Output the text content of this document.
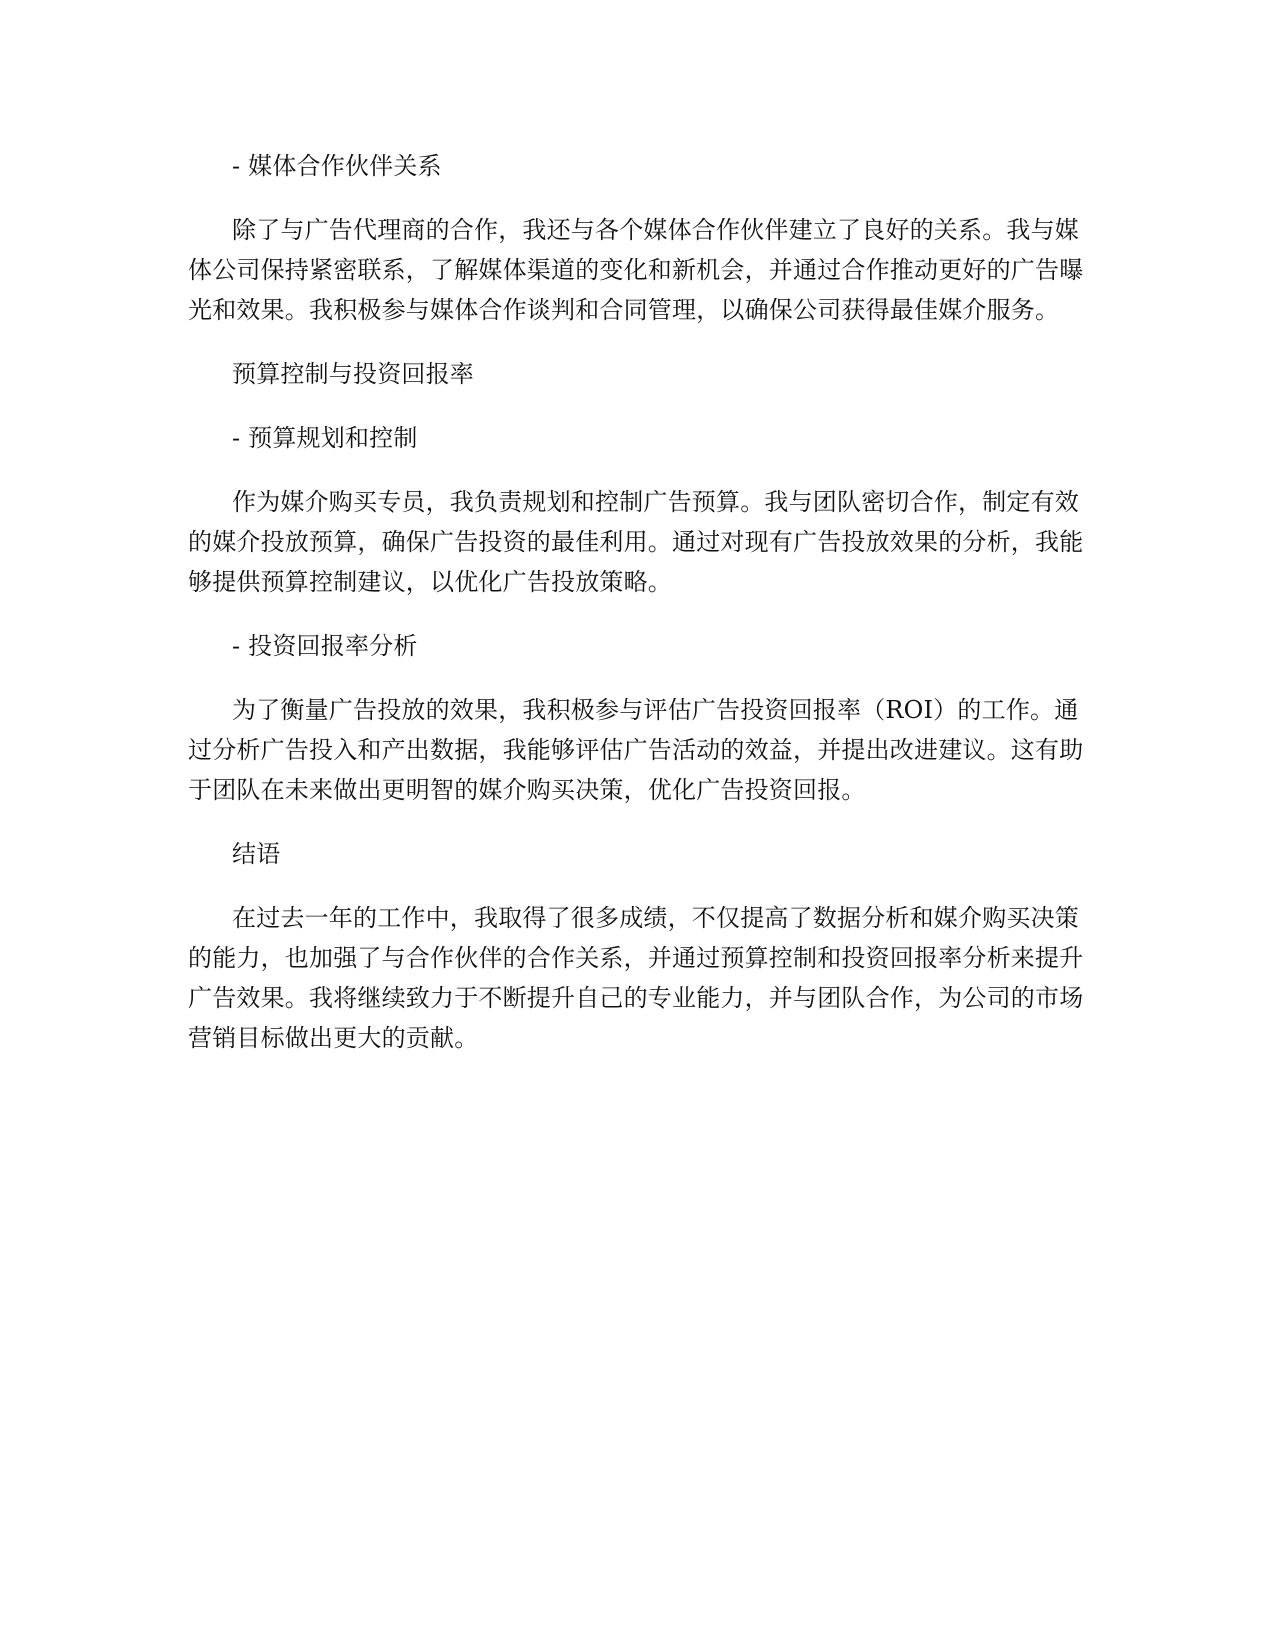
- 媒体合作伙伴关系

除了与广告代理商的合作，我还与各个媒体合作伙伴建立了良好的关系。我与媒体公司保持紧密联系，了解媒体渠道的变化和新机会，并通过合作推动更好的广告曝光和效果。我积极参与媒体合作谈判和合同管理，以确保公司获得最佳媒介服务。

预算控制与投资回报率

- 预算规划和控制

作为媒介购买专员，我负责规划和控制广告预算。我与团队密切合作，制定有效的媒介投放预算，确保广告投资的最佳利用。通过对现有广告投放效果的分析，我能够提供预算控制建议，以优化广告投放策略。

- 投资回报率分析

为了衡量广告投放的效果，我积极参与评估广告投资回报率（ROI）的工作。通过分析广告投入和产出数据，我能够评估广告活动的效益，并提出改进建议。这有助于团队在未来做出更明智的媒介购买决策，优化广告投资回报。

结语

在过去一年的工作中，我取得了很多成绩，不仅提高了数据分析和媒介购买决策的能力，也加强了与合作伙伴的合作关系，并通过预算控制和投资回报率分析来提升广告效果。我将继续致力于不断提升自己的专业能力，并与团队合作，为公司的市场营销目标做出更大的贡献。
